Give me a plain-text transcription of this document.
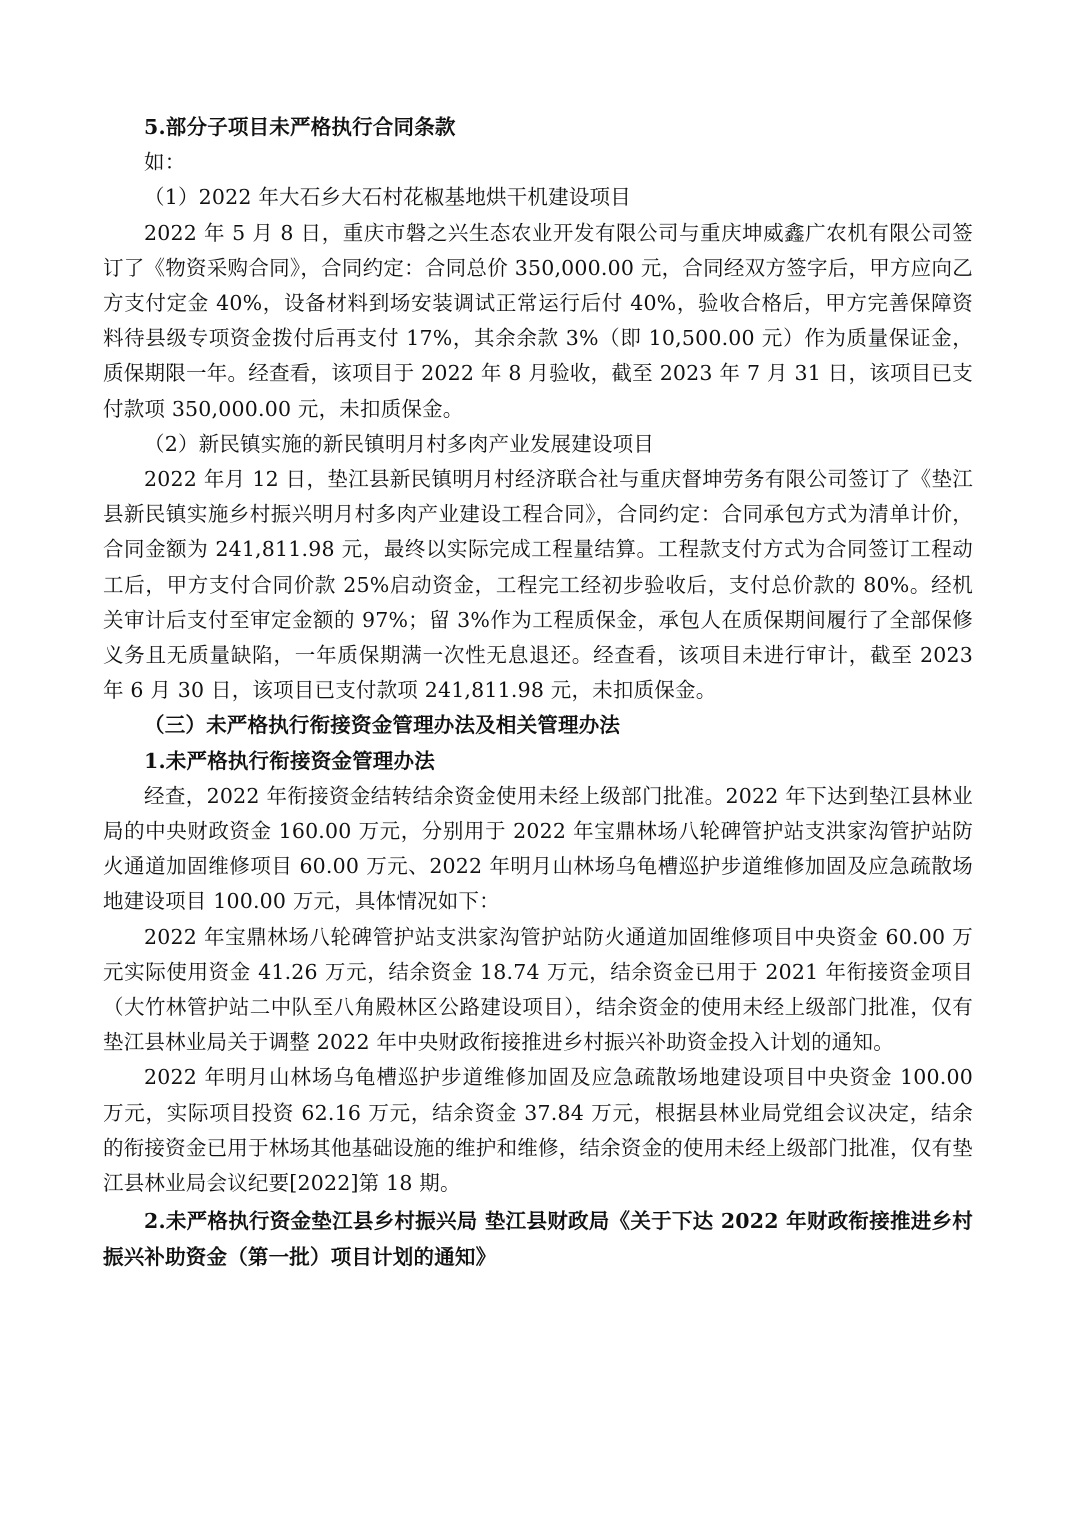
5.部分子项目未严格执行合同条款

如：

（1）2022 年大石乡大石村花椒基地烘干机建设项目

2022 年 5 月 8 日，重庆市磐之兴生态农业开发有限公司与重庆坤威鑫广农机有限公司签订了《物资采购合同》，合同约定：合同总价 350,000.00 元，合同经双方签字后，甲方应向乙方支付定金 40%，设备材料到场安装调试正常运行后付 40%，验收合格后，甲方完善保障资料待县级专项资金拨付后再支付 17%，其余余款 3%（即 10,500.00 元）作为质量保证金，质保期限一年。经查看，该项目于 2022 年 8 月验收，截至 2023 年 7 月 31 日，该项目已支付款项 350,000.00 元，未扣质保金。

（2）新民镇实施的新民镇明月村多肉产业发展建设项目

2022 年月 12 日，垫江县新民镇明月村经济联合社与重庆督坤劳务有限公司签订了《垫江县新民镇实施乡村振兴明月村多肉产业建设工程合同》，合同约定：合同承包方式为清单计价，合同金额为 241,811.98 元，最终以实际完成工程量结算。工程款支付方式为合同签订工程动工后，甲方支付合同价款 25%启动资金，工程完工经初步验收后，支付总价款的 80%。经机关审计后支付至审定金额的 97%；留 3%作为工程质保金，承包人在质保期间履行了全部保修义务且无质量缺陷，一年质保期满一次性无息退还。经查看，该项目未进行审计，截至 2023 年 6 月 30 日，该项目已支付款项 241,811.98 元，未扣质保金。

（三）未严格执行衔接资金管理办法及相关管理办法

1.未严格执行衔接资金管理办法

经查，2022 年衔接资金结转结余资金使用未经上级部门批准。2022 年下达到垫江县林业局的中央财政资金 160.00 万元，分别用于 2022 年宝鼎林场八轮碑管护站支洪家沟管护站防火通道加固维修项目 60.00 万元、2022 年明月山林场乌龟槽巡护步道维修加固及应急疏散场地建设项目 100.00 万元，具体情况如下：

2022 年宝鼎林场八轮碑管护站支洪家沟管护站防火通道加固维修项目中央资金 60.00 万元实际使用资金 41.26 万元，结余资金 18.74 万元，结余资金已用于 2021 年衔接资金项目（大竹林管护站二中队至八角殿林区公路建设项目），结余资金的使用未经上级部门批准，仅有垫江县林业局关于调整 2022 年中央财政衔接推进乡村振兴补助资金投入计划的通知。

2022 年明月山林场乌龟槽巡护步道维修加固及应急疏散场地建设项目中央资金 100.00 万元，实际项目投资 62.16 万元，结余资金 37.84 万元，根据县林业局党组会议决定，结余的衔接资金已用于林场其他基础设施的维护和维修，结余资金的使用未经上级部门批准，仅有垫江县林业局会议纪要[2022]第 18 期。

2.未严格执行资金垫江县乡村振兴局 垫江县财政局《关于下达 2022 年财政衔接推进乡村振兴补助资金（第一批）项目计划的通知》
